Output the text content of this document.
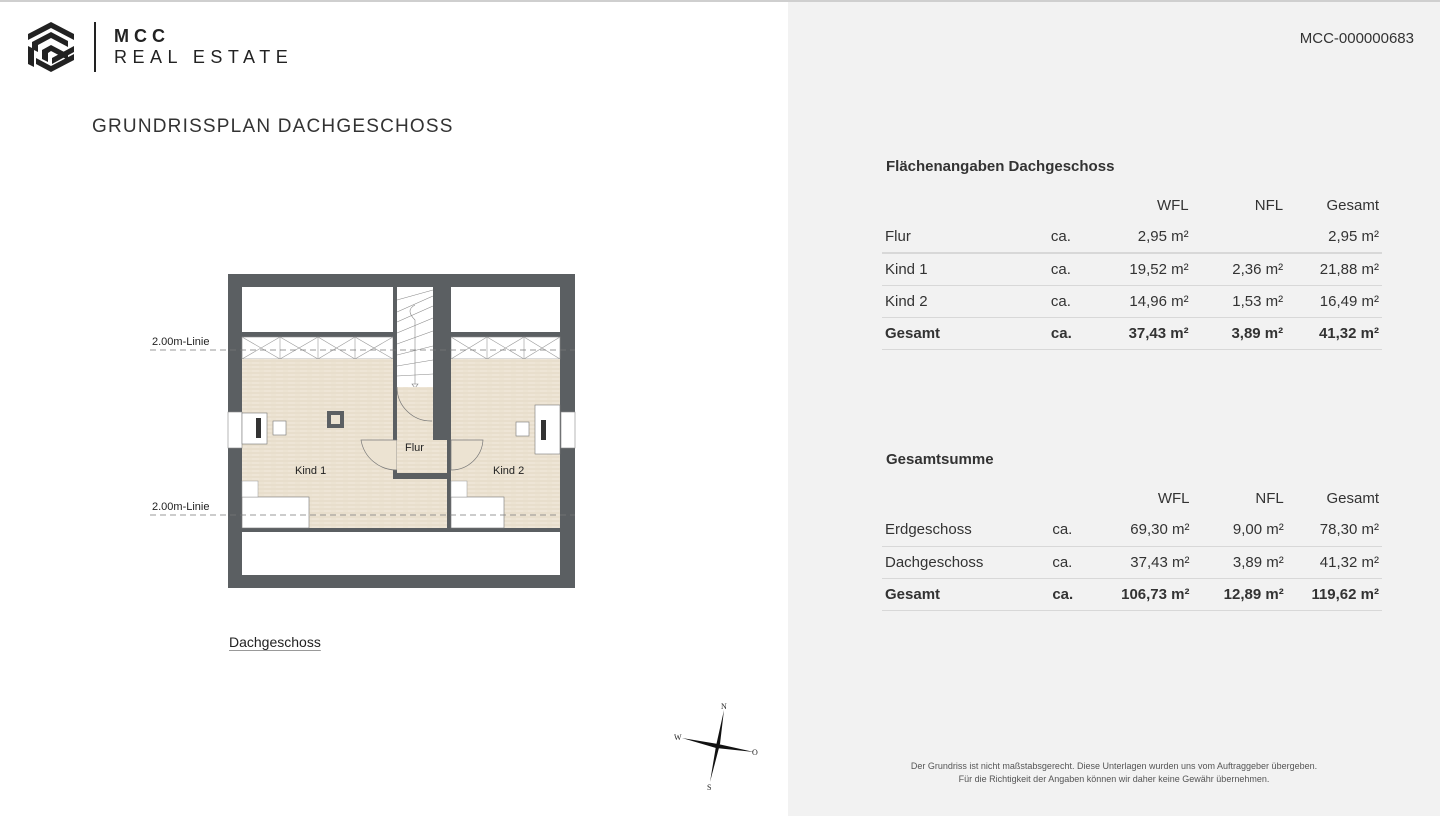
MCC
REAL ESTATE
GRUNDRISSPLAN DACHGESCHOSS
2.00m-Linie
2.00m-Linie
Kind 1
Flur
Kind 2
Dachgeschoss
N
O
S
W
MCC-000000683
Flächenangaben Dachgeschoss
		WFL	NFL	Gesamt
Flur	ca.	2,95 m²		2,95 m²
Kind 1	ca.	19,52 m²	2,36 m²	21,88 m²
Kind 2	ca.	14,96 m²	1,53 m²	16,49 m²
Gesamt	ca.	37,43 m²	3,89 m²	41,32 m²
Gesamtsumme
		WFL	NFL	Gesamt
Erdgeschoss	ca.	69,30 m²	9,00 m²	78,30 m²
Dachgeschoss	ca.	37,43 m²	3,89 m²	41,32 m²
Gesamt	ca.	106,73 m²	12,89 m²	119,62 m²
Der Grundriss ist nicht maßstabsgerecht. Diese Unterlagen wurden uns vom Auftraggeber übergeben.
Für die Richtigkeit der Angaben können wir daher keine Gewähr übernehmen.
